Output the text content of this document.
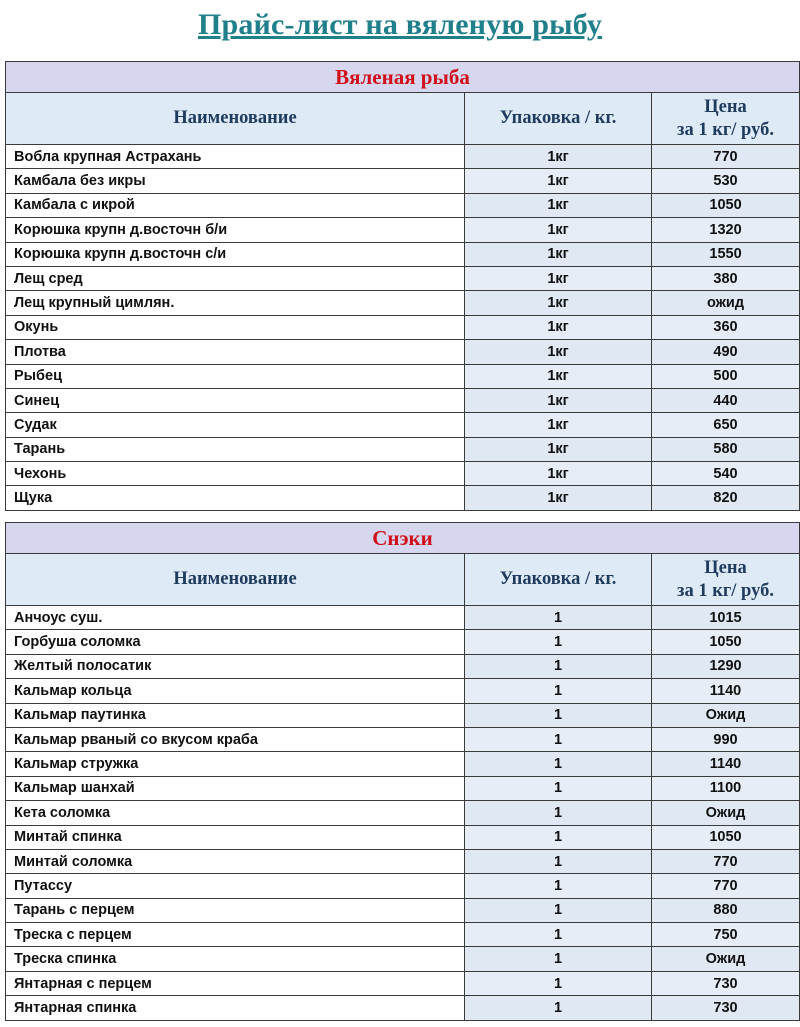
Прайс-лист на вяленую рыбу
Вяленая рыба		
Наименование	Упаковка / кг.	Цена
за 1 кг/ руб.

Вобла крупная Астрахань	1кг	770
Камбала без икры	1кг	530
Камбала с икрой	1кг	1050
Корюшка крупн д.восточн б/и	1кг	1320
Корюшка крупн д.восточн с/и	1кг	1550
Лещ сред	1кг	380
Лещ крупный цимлян.	1кг	ожид
Окунь	1кг	360
Плотва	1кг	490
Рыбец	1кг	500
Синец	1кг	440
Судак	1кг	650
Тарань	1кг	580
Чехонь	1кг	540
Щука	1кг	820
Снэки		
Наименование	Упаковка / кг.	Цена
за 1 кг/ руб.

Анчоус суш.	1	1015
Горбуша соломка	1	1050
Желтый полосатик	1	1290
Кальмар кольца	1	1140
Кальмар паутинка	1	Ожид
Кальмар рваный со вкусом краба	1	990
Кальмар стружка	1	1140
Кальмар шанхай	1	1100
Кета соломка	1	Ожид
Минтай спинка	1	1050
Минтай соломка	1	770
Путассу	1	770
Тарань с перцем	1	880
Треска с перцем	1	750
Треска спинка	1	Ожид
Янтарная с перцем	1	730
Янтарная спинка	1	730
